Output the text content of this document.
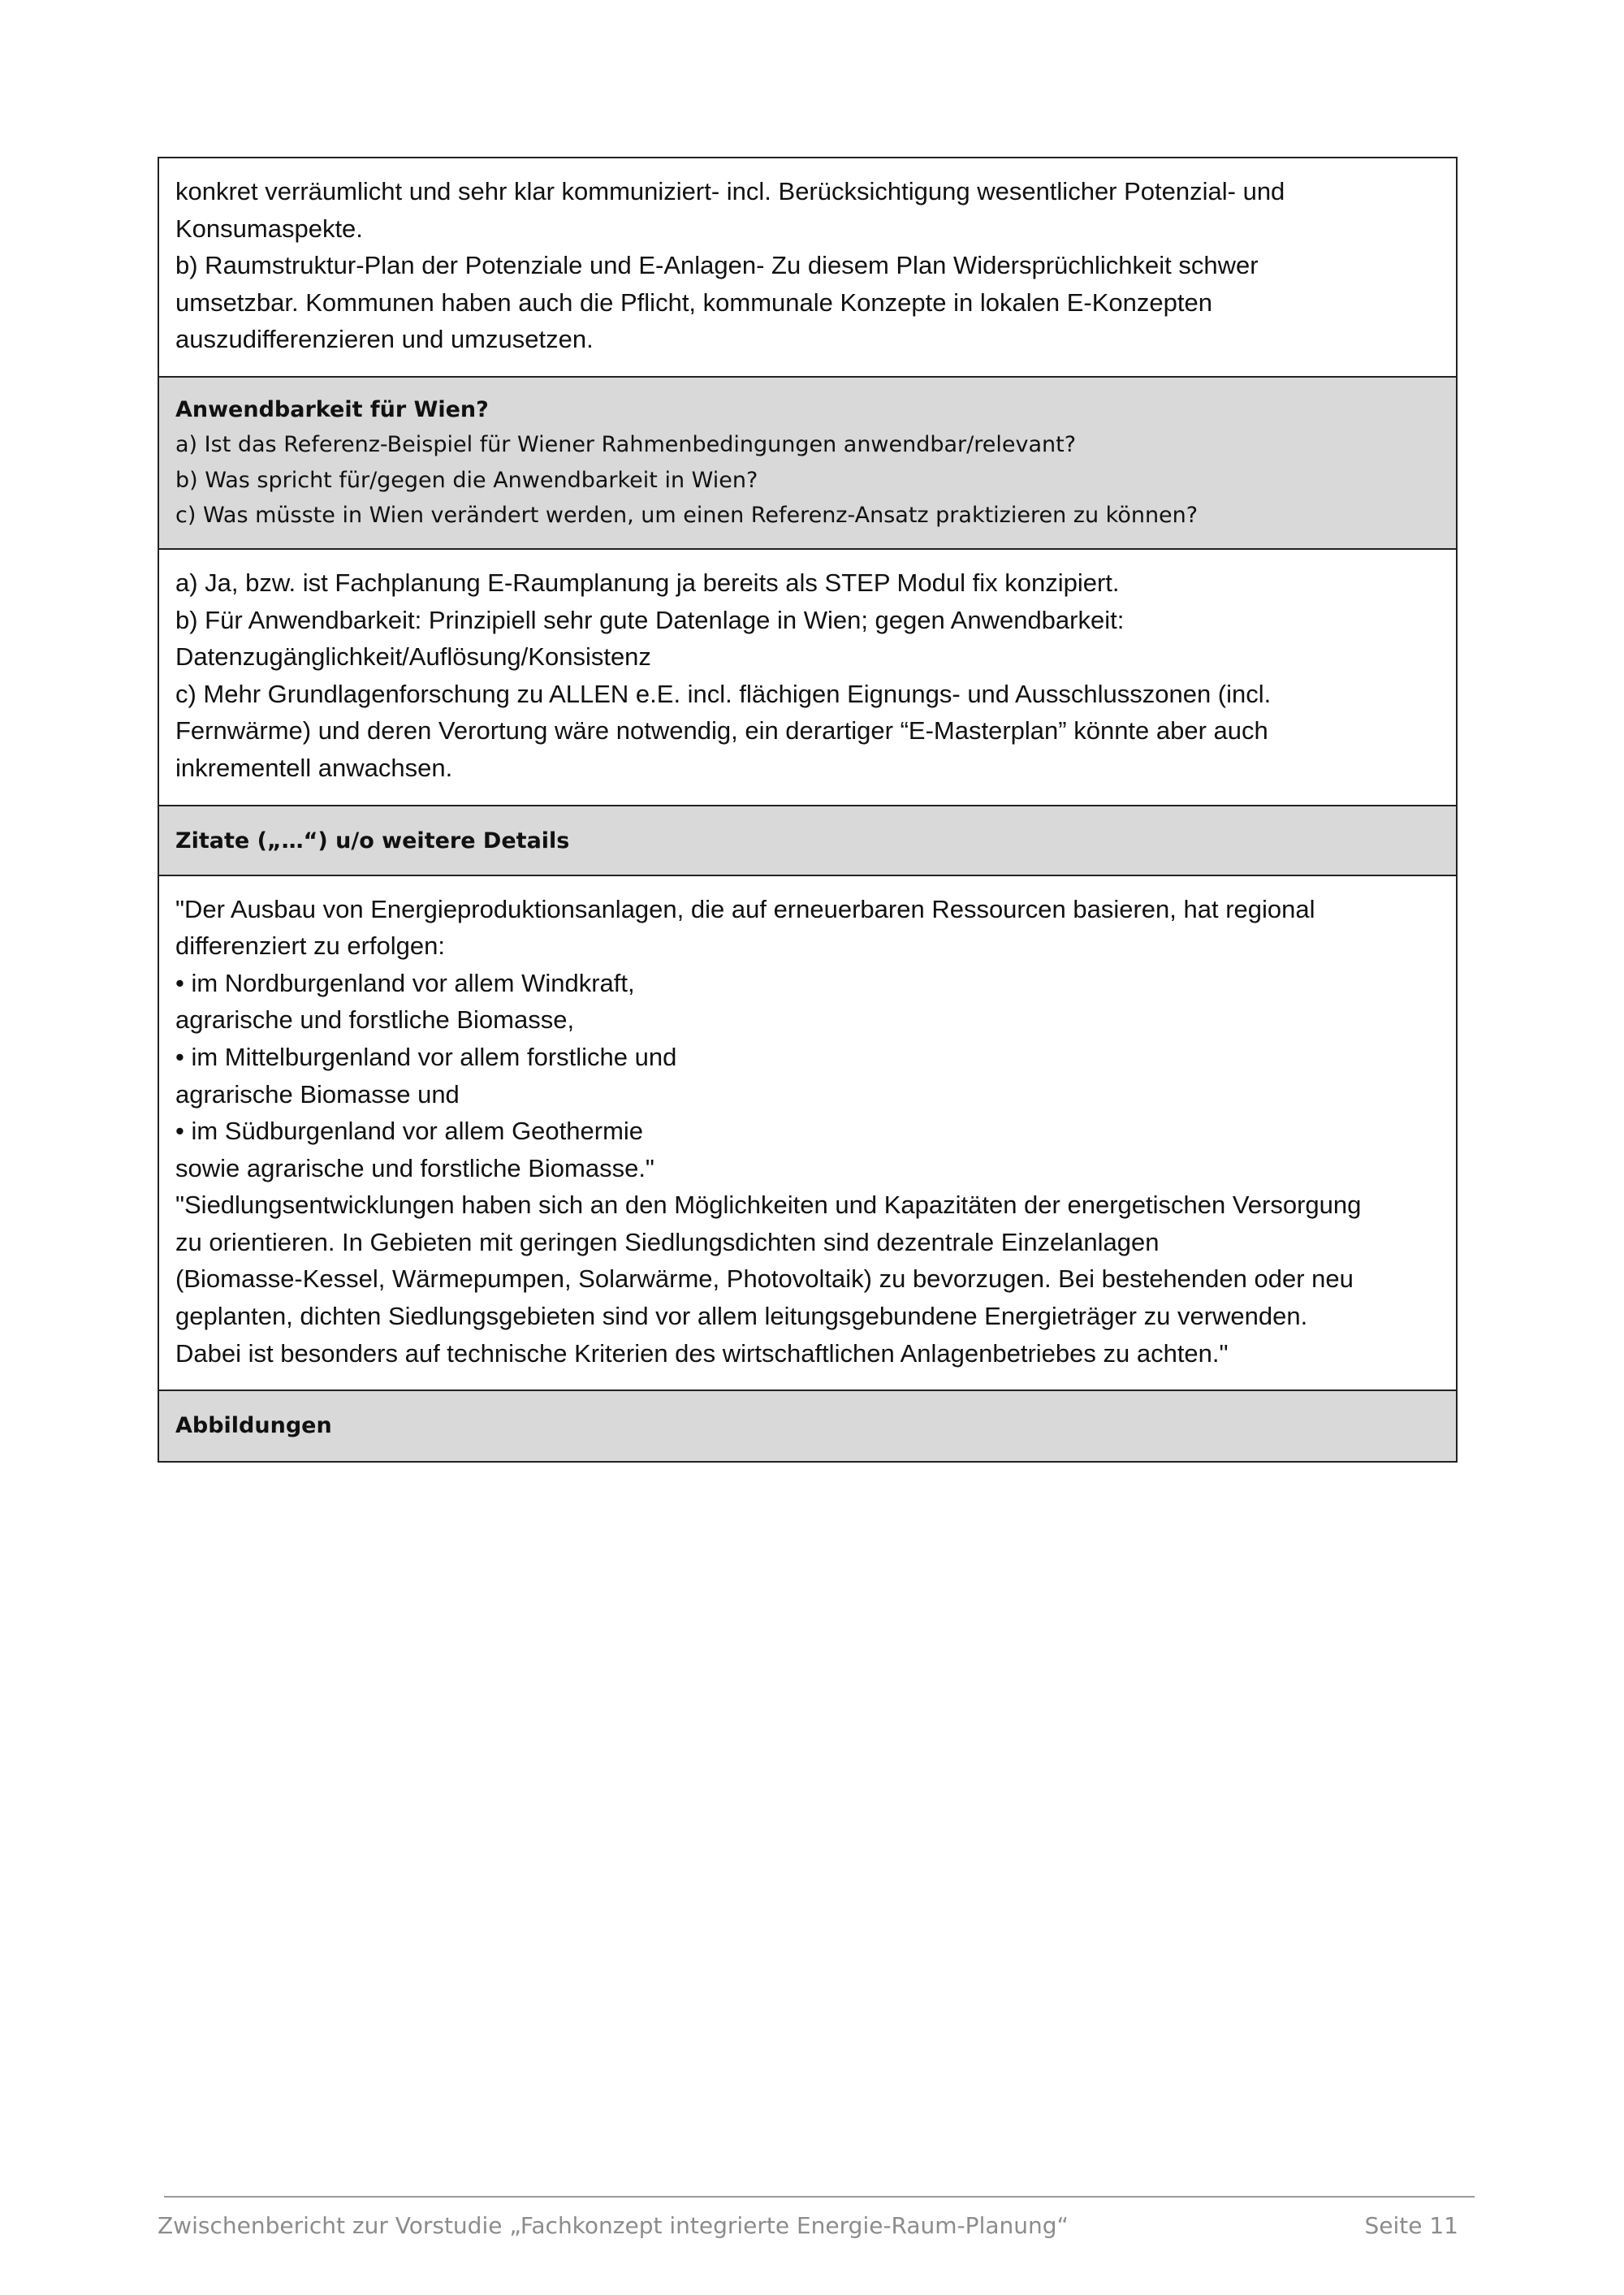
konkret verräumlicht und sehr klar kommuniziert- incl. Berücksichtigung wesentlicher Potenzial- und
Konsumaspekte.
b) Raumstruktur-Plan der Potenziale und E-Anlagen- Zu diesem Plan Widersprüchlichkeit schwer
umsetzbar. Kommunen haben auch die Pflicht, kommunale Konzepte in lokalen E-Konzepten
auszudifferenzieren und umzusetzen.
Anwendbarkeit für Wien?
a) Ist das Referenz-Beispiel für Wiener Rahmenbedingungen anwendbar/relevant?
b) Was spricht für/gegen die Anwendbarkeit in Wien?
c) Was müsste in Wien verändert werden, um einen Referenz-Ansatz praktizieren zu können?
a) Ja, bzw. ist Fachplanung E-Raumplanung ja bereits als STEP Modul fix konzipiert.
b) Für Anwendbarkeit: Prinzipiell sehr gute Datenlage in Wien; gegen Anwendbarkeit:
Datenzugänglichkeit/Auflösung/Konsistenz
c) Mehr Grundlagenforschung zu ALLEN e.E. incl. flächigen Eignungs- und Ausschlusszonen (incl.
Fernwärme) und deren Verortung wäre notwendig, ein derartiger “E-Masterplan” könnte aber auch
inkrementell anwachsen.
Zitate („…“) u/o weitere Details
"Der Ausbau von Energieproduktionsanlagen, die auf erneuerbaren Ressourcen basieren, hat regional
differenziert zu erfolgen:
• im Nordburgenland vor allem Windkraft,
agrarische und forstliche Biomasse,
• im Mittelburgenland vor allem forstliche und
agrarische Biomasse und
• im Südburgenland vor allem Geothermie
sowie agrarische und forstliche Biomasse."
"Siedlungsentwicklungen haben sich an den Möglichkeiten und Kapazitäten der energetischen Versorgung
zu orientieren. In Gebieten mit geringen Siedlungsdichten sind dezentrale Einzelanlagen
(Biomasse-Kessel, Wärmepumpen, Solarwärme, Photovoltaik) zu bevorzugen. Bei bestehenden oder neu
geplanten, dichten Siedlungsgebieten sind vor allem leitungsgebundene Energieträger zu verwenden.
Dabei ist besonders auf technische Kriterien des wirtschaftlichen Anlagenbetriebes zu achten."
Abbildungen
Zwischenbericht zur Vorstudie „Fachkonzept integrierte Energie-Raum-Planung“	Seite 11
